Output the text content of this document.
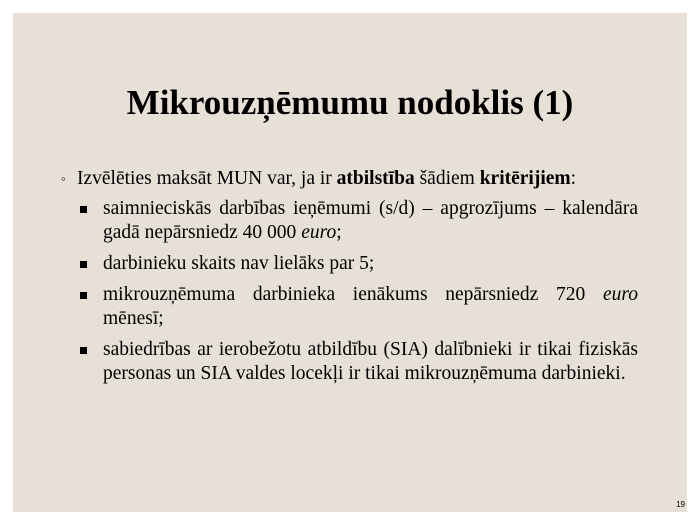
Mikrouzņēmumu nodoklis (1)

◦ Izvēlēties maksāt MUN var, ja ir atbilstība šādiem kritērijiem:

saimnieciskās darbības ieņēmumi (s/d) – apgrozījums – kalendāra gadā nepārsniedz 40 000 euro;
darbinieku skaits nav lielāks par 5;
mikrouzņēmuma darbinieka ienākums nepārsniedz 720 euro mēnesī;
sabiedrības ar ierobežotu atbildību (SIA) dalībnieki ir tikai fiziskās personas un SIA valdes locekļi ir tikai mikrouzņēmuma darbinieki.
19
